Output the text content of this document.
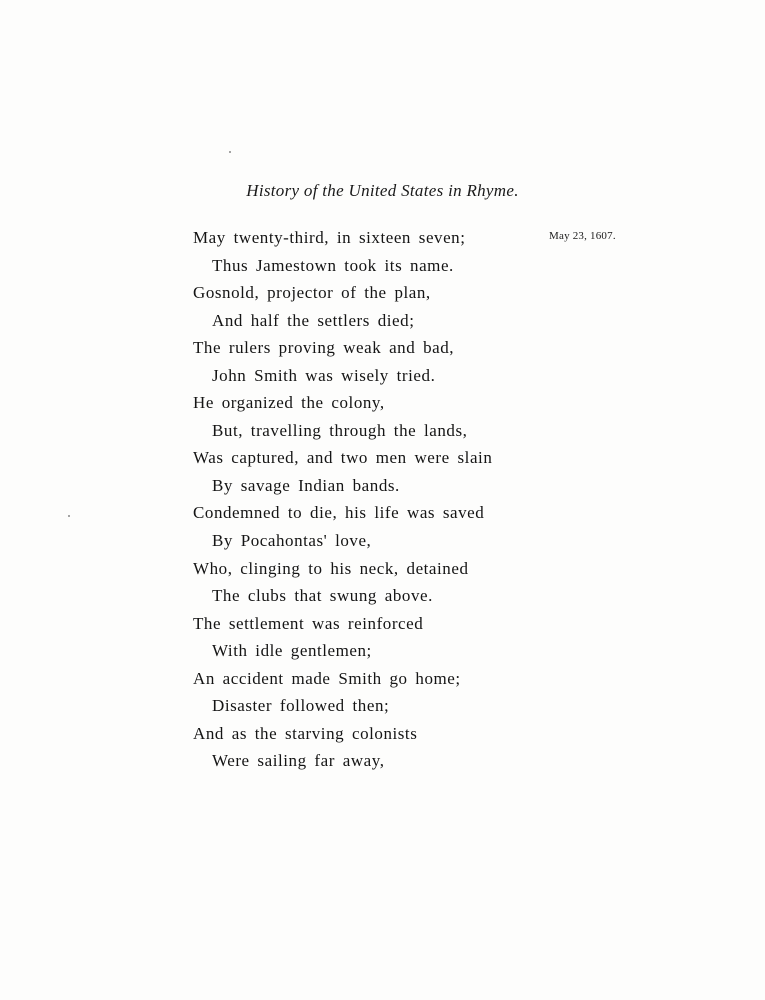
History of the United States in Rhyme.
May 23, 1607.
May twenty-third, in sixteen seven;
Thus Jamestown took its name.
Gosnold, projector of the plan,
And half the settlers died;
The rulers proving weak and bad,
John Smith was wisely tried.
He organized the colony,
But, travelling through the lands,
Was captured, and two men were slain
By savage Indian bands.
Condemned to die, his life was saved
By Pocahontas' love,
Who, clinging to his neck, detained
The clubs that swung above.
The settlement was reinforced
With idle gentlemen;
An accident made Smith go home;
Disaster followed then;
And as the starving colonists
Were sailing far away,
